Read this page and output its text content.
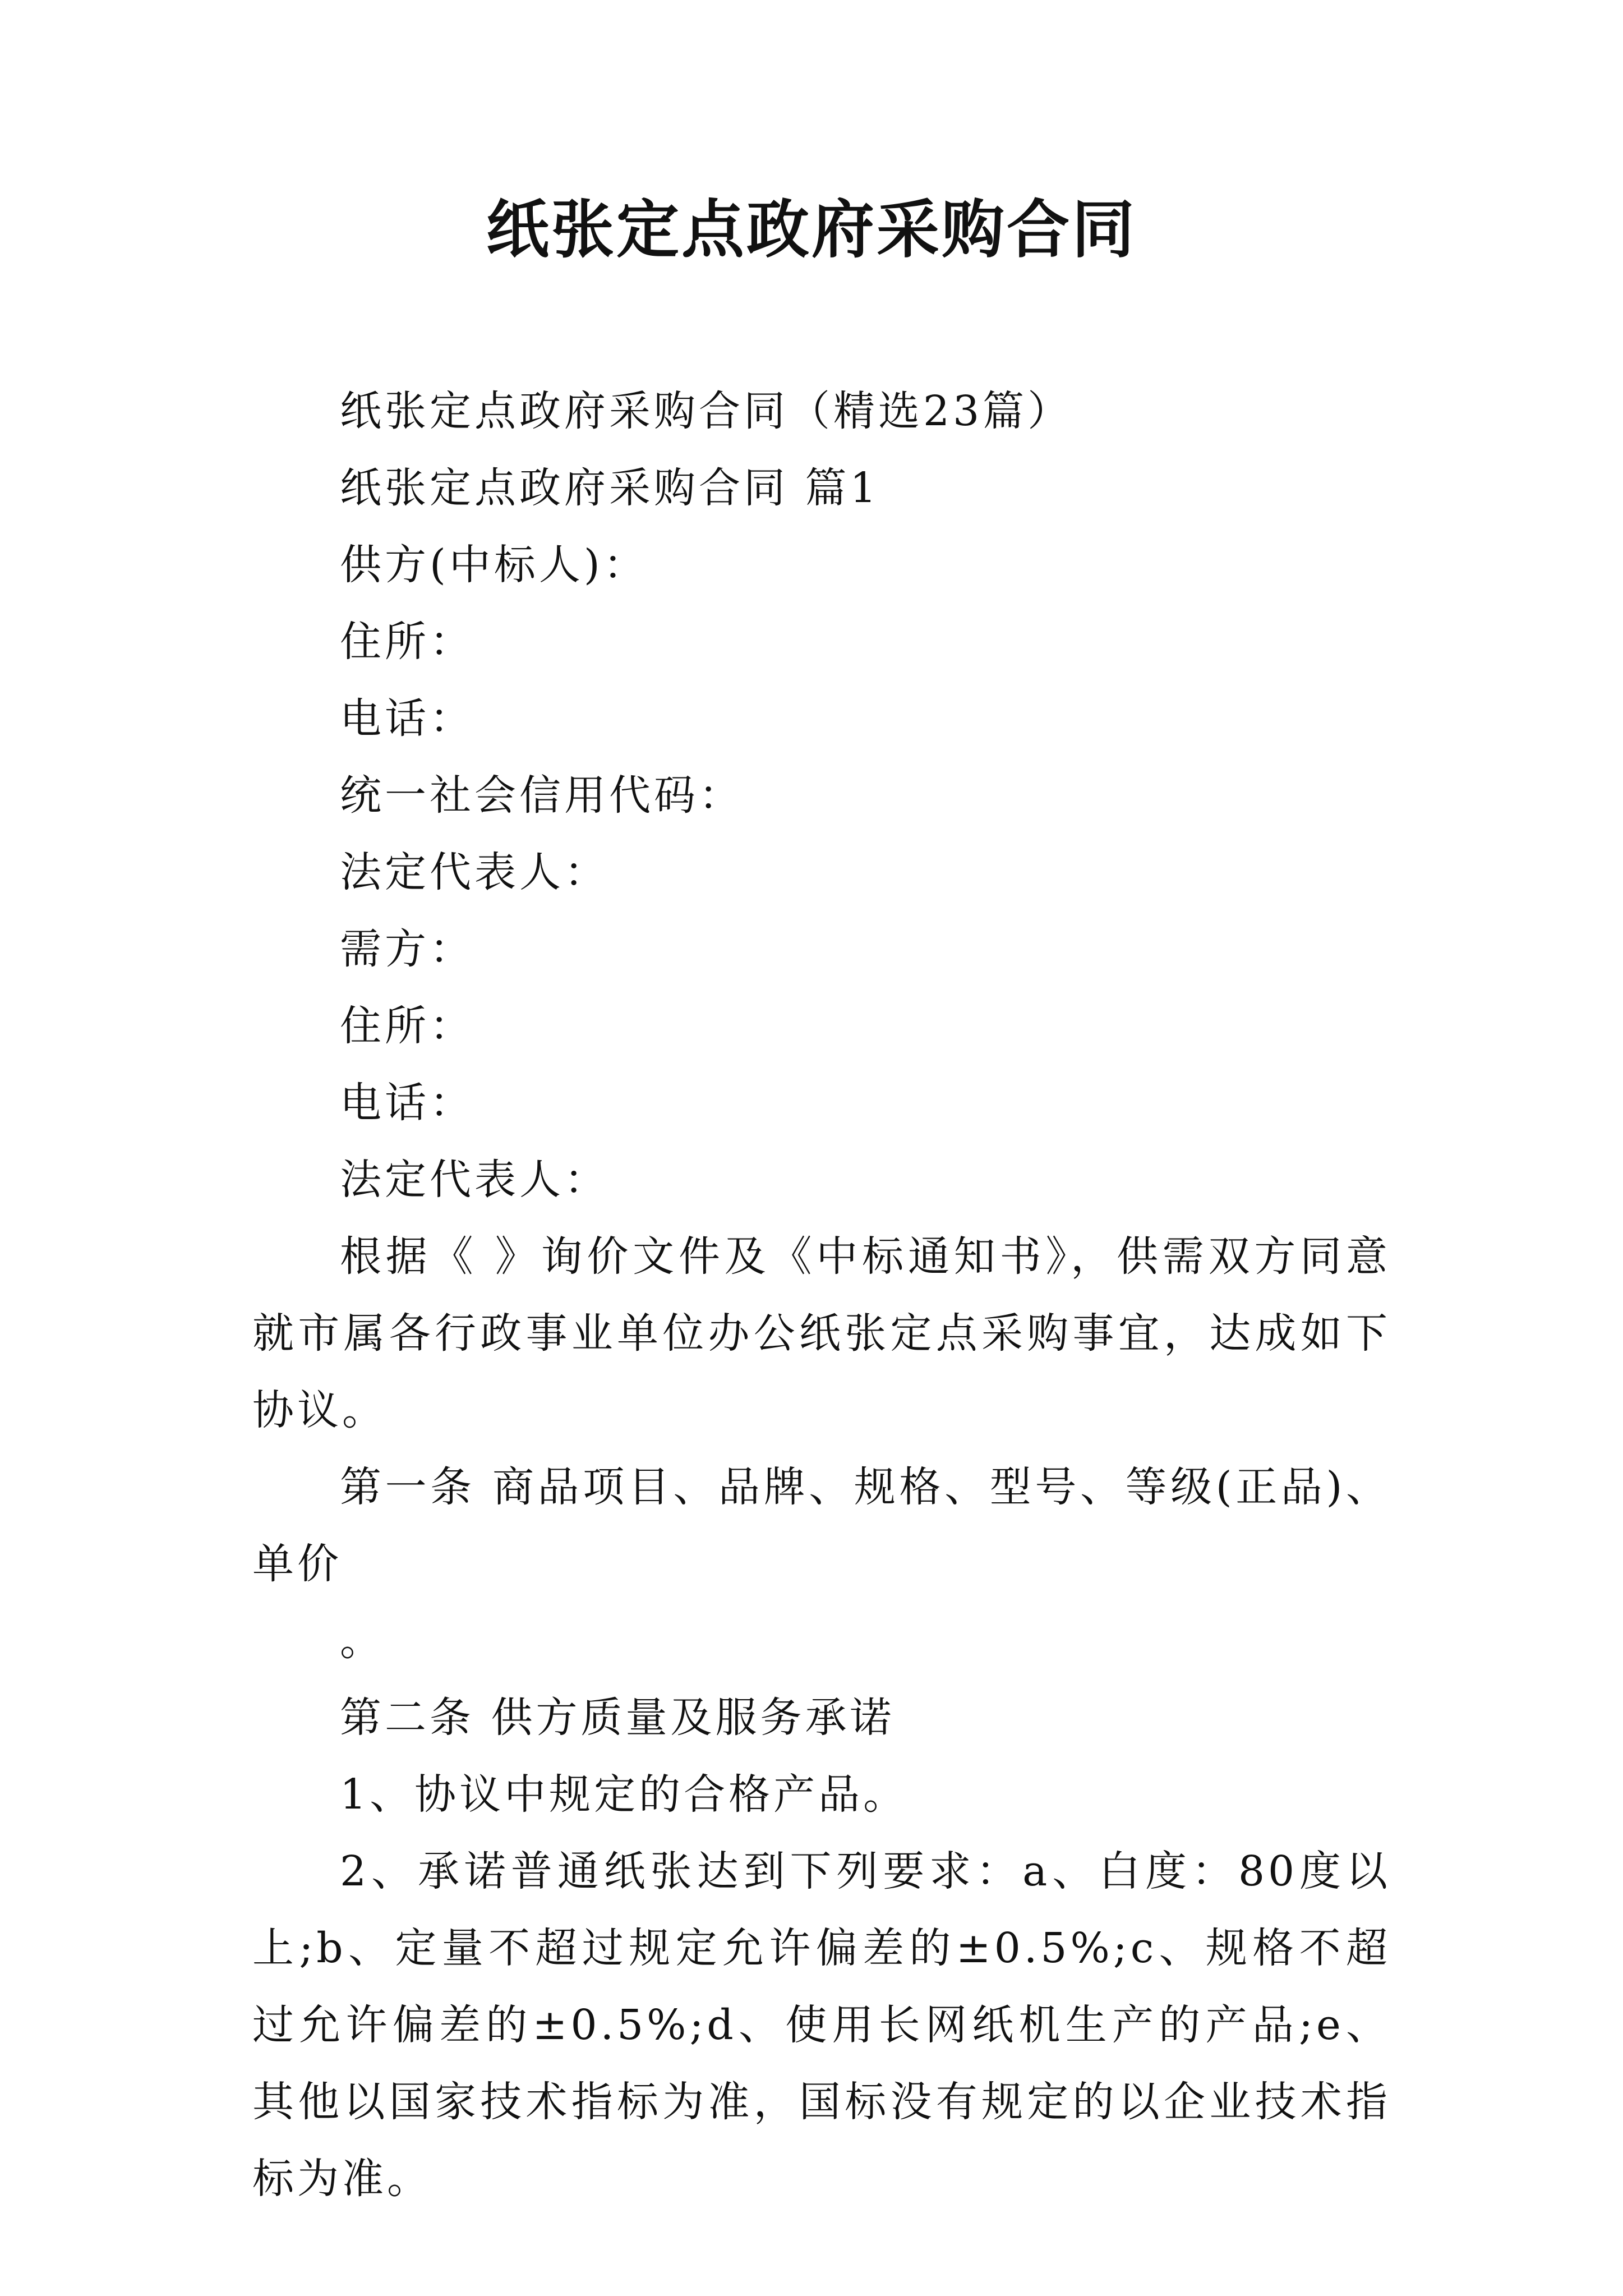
纸张定点政府采购合同
纸张定点政府采购合同（精选23篇）
纸张定点政府采购合同 篇1
供方(中标人)：
住所：
电话：
统一社会信用代码：
法定代表人：
需方：
住所：
电话：
法定代表人：
根据《 》询价文件及《中标通知书》，供需双方同意就市属各行政事业单位办公纸张定点采购事宜，达成如下协议。
第一条 商品项目、品牌、规格、型号、等级(正品)、单价
。
第二条 供方质量及服务承诺
1、协议中规定的合格产品。
2、承诺普通纸张达到下列要求：a、白度：80度以上;b、定量不超过规定允许偏差的±0.5%;c、规格不超过允许偏差的±0.5%;d、使用长网纸机生产的产品;e、其他以国家技术指标为准，国标没有规定的以企业技术指标为准。
